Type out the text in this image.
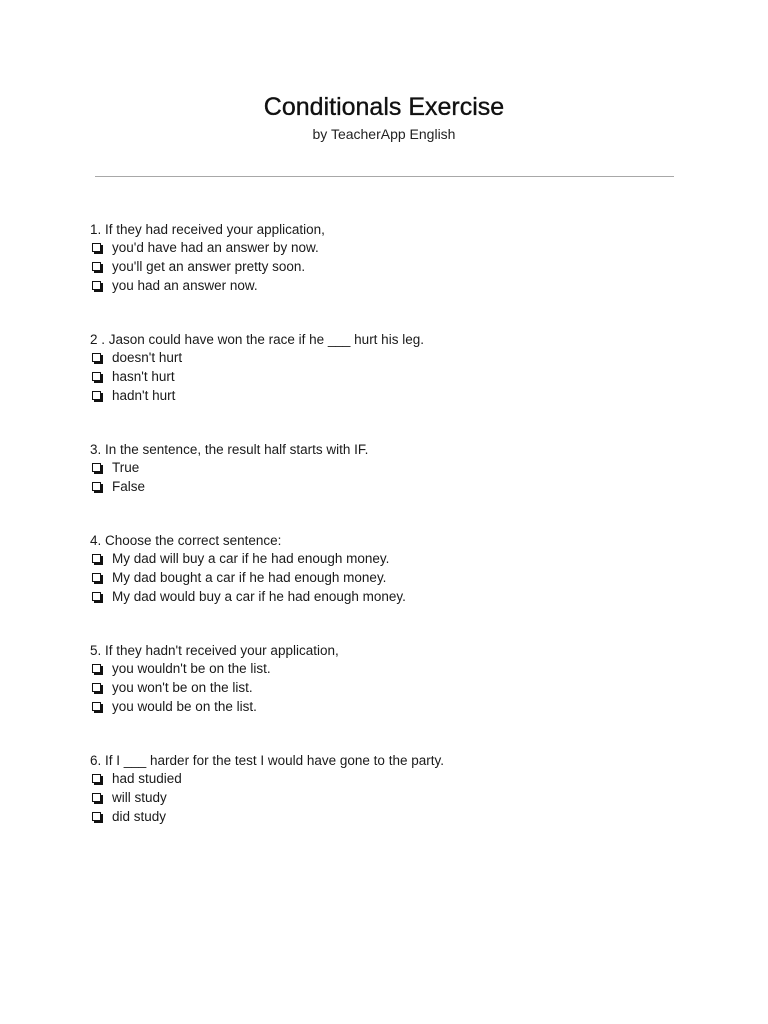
Conditionals Exercise
by TeacherApp English
1. If they had received your application,
you'd have had an answer by now.
you'll get an answer pretty soon.
you had an answer now.
2 . Jason could have won the race if he ___ hurt his leg.
doesn't hurt
hasn't hurt
hadn't hurt
3. In the sentence, the result half starts with IF.
True
False
4. Choose the correct sentence:
My dad will buy a car if he had enough money.
My dad bought a car if he had enough money.
My dad would buy a car if he had enough money.
5. If they hadn't received your application,
you wouldn't be on the list.
you won't be on the list.
you would be on the list.
6. If I ___ harder for the test I would have gone to the party.
had studied
will study
did study
